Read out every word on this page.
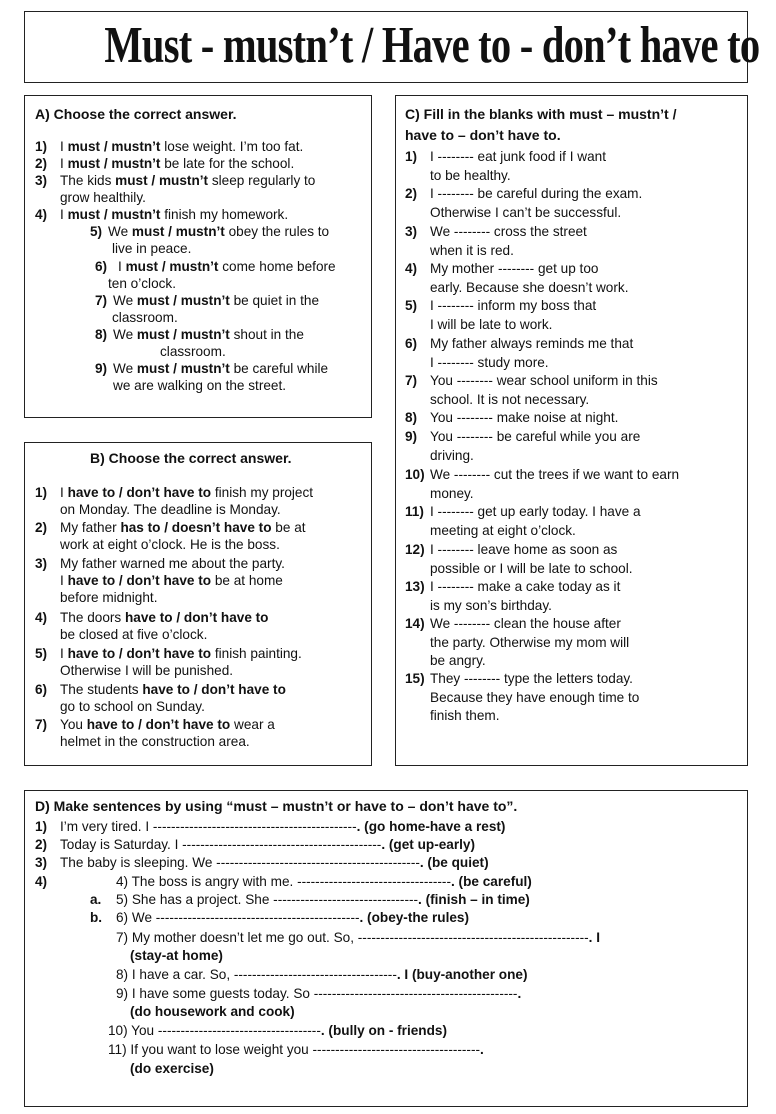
Must - mustn’t / Have to - don’t have to
A) Choose the correct answer.
1) I must / mustn’t lose weight. I’m too fat.
2) I must / mustn’t be late for the school.
3) The kids must / mustn’t sleep regularly to
grow healthily.
4) I must / mustn’t finish my homework.
5) We must / mustn’t obey the rules to
live in peace.
6) I must / mustn’t come home before
ten o’clock.
7) We must / mustn’t be quiet in the
classroom.
8) We must / mustn’t shout in the
classroom.
9) We must / mustn’t be careful while
we are walking on the street.
B) Choose the correct answer.
1) I have to / don’t have to finish my project
on Monday. The deadline is Monday.
2) My father has to / doesn’t have to be at
work at eight o’clock. He is the boss.
3) My father warned me about the party.
I have to / don’t have to be at home
before midnight.
4) The doors have to / don’t have to
be closed at five o’clock.
5) I have to / don’t have to finish painting.
Otherwise I will be punished.
6) The students have to / don’t have to
go to school on Sunday.
7) You have to / don’t have to wear a
helmet in the construction area.
C) Fill in the blanks with must – mustn’t /
have to – don’t have to.
1) I -------- eat junk food if I want
to be healthy.
2) I -------- be careful during the exam.
Otherwise I can’t be successful.
3) We -------- cross the street
when it is red.
4) My mother -------- get up too
early. Because she doesn’t work.
5) I -------- inform my boss that
I will be late to work.
6) My father always reminds me that
I -------- study more.
7) You -------- wear school uniform in this
school. It is not necessary.
8) You -------- make noise at night.
9) You -------- be careful while you are
driving.
10) We -------- cut the trees if we want to earn
money.
11) I -------- get up early today. I have a
meeting at eight o’clock.
12) I -------- leave home as soon as
possible or I will be late to school.
13) I -------- make a cake today as it
is my son’s birthday.
14) We -------- clean the house after
the party. Otherwise my mom will
be angry.
15) They -------- type the letters today.
Because they have enough time to
finish them.
D) Make sentences by using “must – mustn’t or have to – don’t have to”.
1) I’m very tired. I ---------------------------------------------. (go home-have a rest)
2) Today is Saturday. I --------------------------------------------. (get up-early)
3) The baby is sleeping. We ---------------------------------------------. (be quiet)
4)	4) The boss is angry with me. ----------------------------------. (be careful)
a. 5) She has a project. She --------------------------------. (finish – in time)
b. 6) We ---------------------------------------------. (obey-the rules)
7) My mother doesn’t let me go out. So, ---------------------------------------------------. I
(stay-at home)
8) I have a car. So, ------------------------------------. I (buy-another one)
9) I have some guests today. So ---------------------------------------------.
(do housework and cook)
10) You ------------------------------------. (bully on - friends)
11) If you want to lose weight you -------------------------------------.
(do exercise)
